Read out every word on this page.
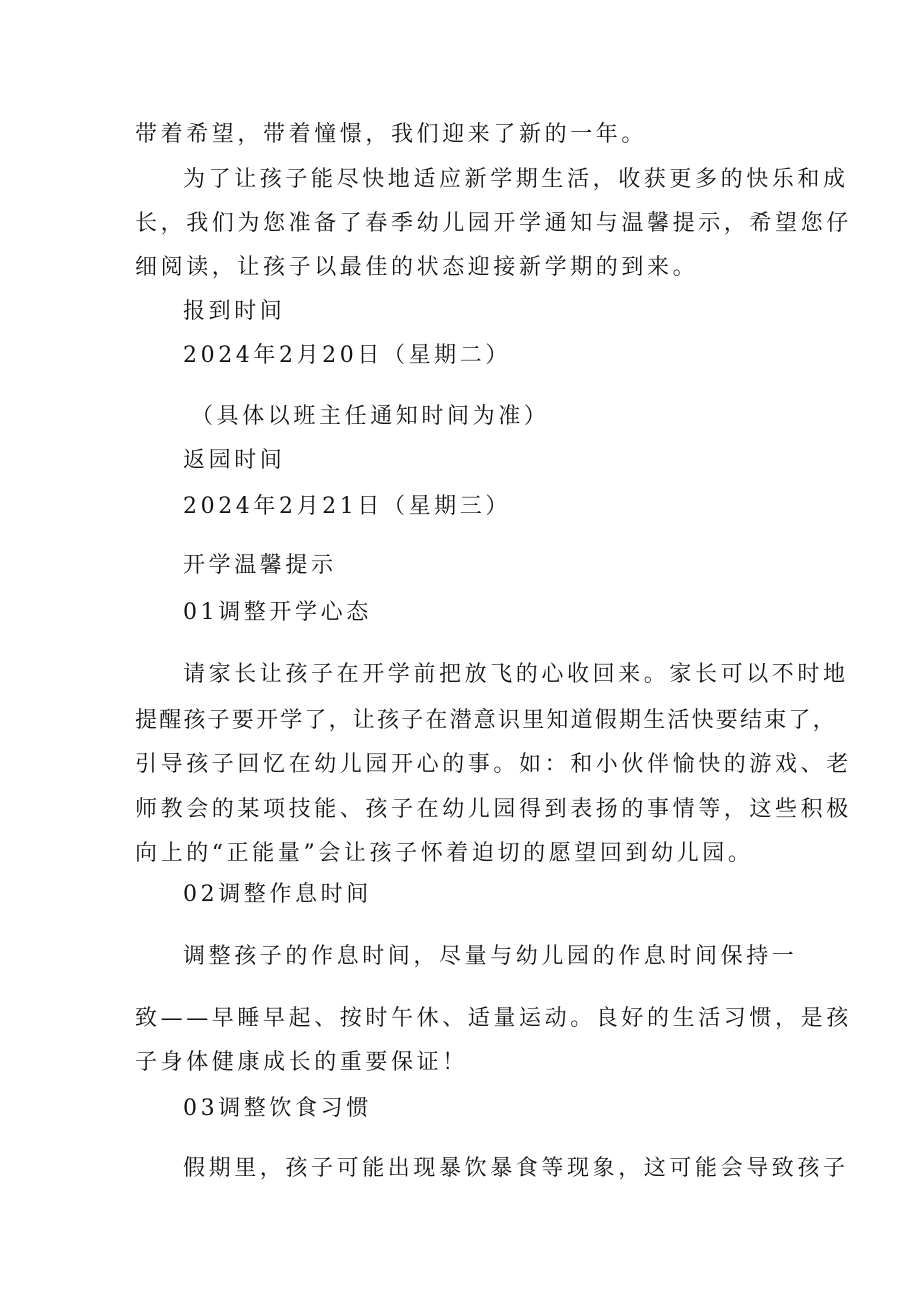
带着希望，带着憧憬，我们迎来了新的一年。
为了让孩子能尽快地适应新学期生活，收获更多的快乐和成
长，我们为您准备了春季幼儿园开学通知与温馨提示，希望您仔
细阅读，让孩子以最佳的状态迎接新学期的到来。
报到时间
2024年2月20日（星期二）
（具体以班主任通知时间为准）
返园时间
2024年2月21日（星期三）
开学温馨提示
01调整开学心态
请家长让孩子在开学前把放飞的心收回来。家长可以不时地
提醒孩子要开学了，让孩子在潜意识里知道假期生活快要结束了，
引导孩子回忆在幼儿园开心的事。如：和小伙伴愉快的游戏、老
师教会的某项技能、孩子在幼儿园得到表扬的事情等，这些积极
向上的“正能量”会让孩子怀着迫切的愿望回到幼儿园。
02调整作息时间
调整孩子的作息时间，尽量与幼儿园的作息时间保持一
致——早睡早起、按时午休、适量运动。良好的生活习惯，是孩
子身体健康成长的重要保证！
03调整饮食习惯
假期里，孩子可能出现暴饮暴食等现象，这可能会导致孩子
